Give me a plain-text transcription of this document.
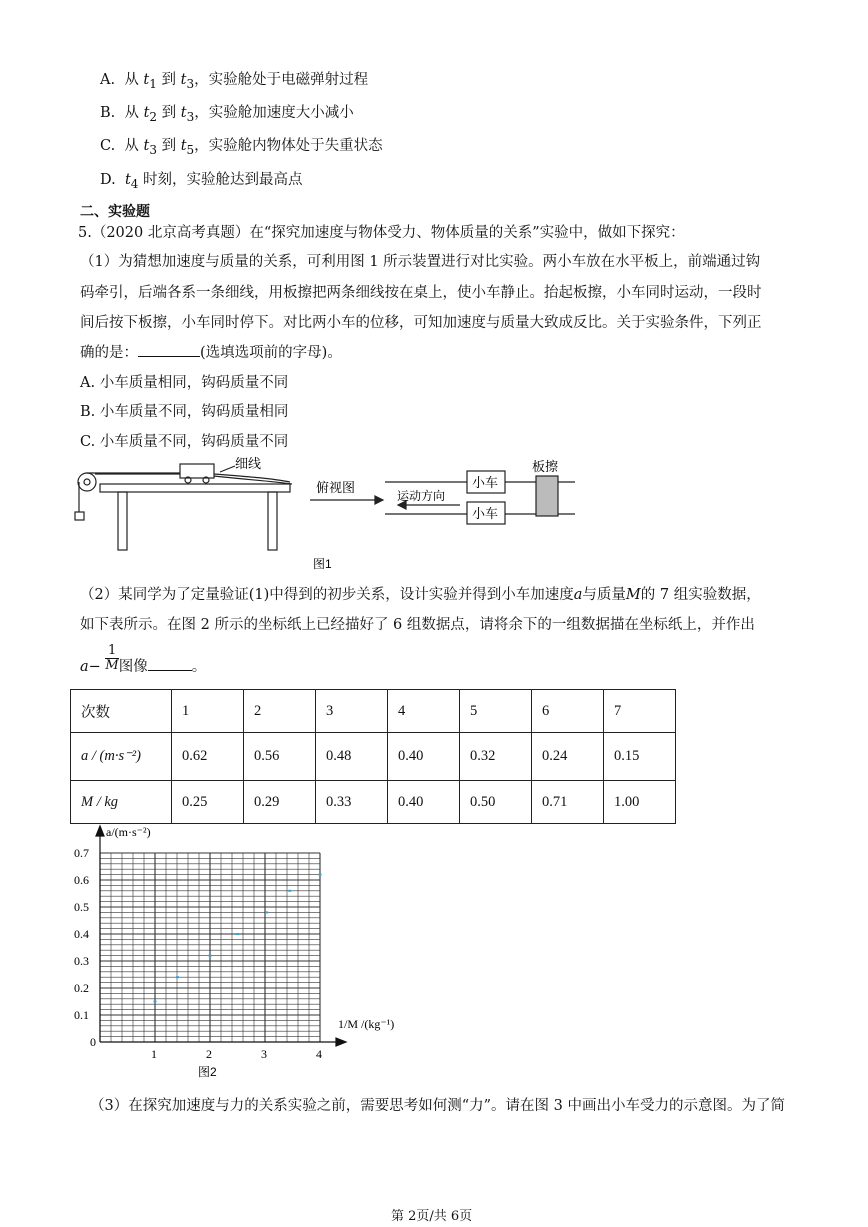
A. 从 $t_1$ 到 $t_3$，实验舱处于电磁弹射过程
B. 从 $t_2$ 到 $t_3$，实验舱加速度大小减小
C. 从 $t_3$ 到 $t_5$，实验舱内物体处于失重状态
D. $t_4$ 时刻，实验舱达到最高点
二、实验题
5.（2020 北京高考真题）在“探究加速度与物体受力、物体质量的关系”实验中，做如下探究：
（1）为猜想加速度与质量的关系，可利用图 1 所示装置进行对比实验。两小车放在水平板上，前端通过钩
码牵引，后端各系一条细线，用板擦把两条细线按在桌上，使小车静止。抬起板擦，小车同时运动，一段时
间后按下板擦，小车同时停下。对比两小车的位移，可知加速度与质量大致成反比。关于实验条件，下列正
确的是：	(选填选项前的字母)。
A. 小车质量相同，钩码质量不同
B. 小车质量不同，钩码质量相同
C. 小车质量不同，钩码质量不同
细线
俯视图
运动方向
小车
小车
板擦
图1
（2）某同学为了定量验证(1)中得到的初步关系，设计实验并得到小车加速度a与质量M的 7 组实验数据，
如下表所示。在图 2 所示的坐标纸上已经描好了 6 组数据点，请将余下的一组数据描在坐标纸上，并作出
$a- \frac{1}{M}$ 图像	。
次数	1	2	3	4	5	6	7
a / (m·s⁻²)	0.62	0.56	0.48	0.40	0.32	0.24	0.15
M / kg	0.25	0.29	0.33	0.40	0.50	0.71	1.00
1	2	3	4
0
0.1
0.2
0.3
0.4
0.5
0.6
0.7
a/(m·s⁻²)
1/M /(kg⁻¹)
图2
（3）在探究加速度与力的关系实验之前，需要思考如何测“力”。请在图 3 中画出小车受力的示意图。为了简
第 2页/共 6页
